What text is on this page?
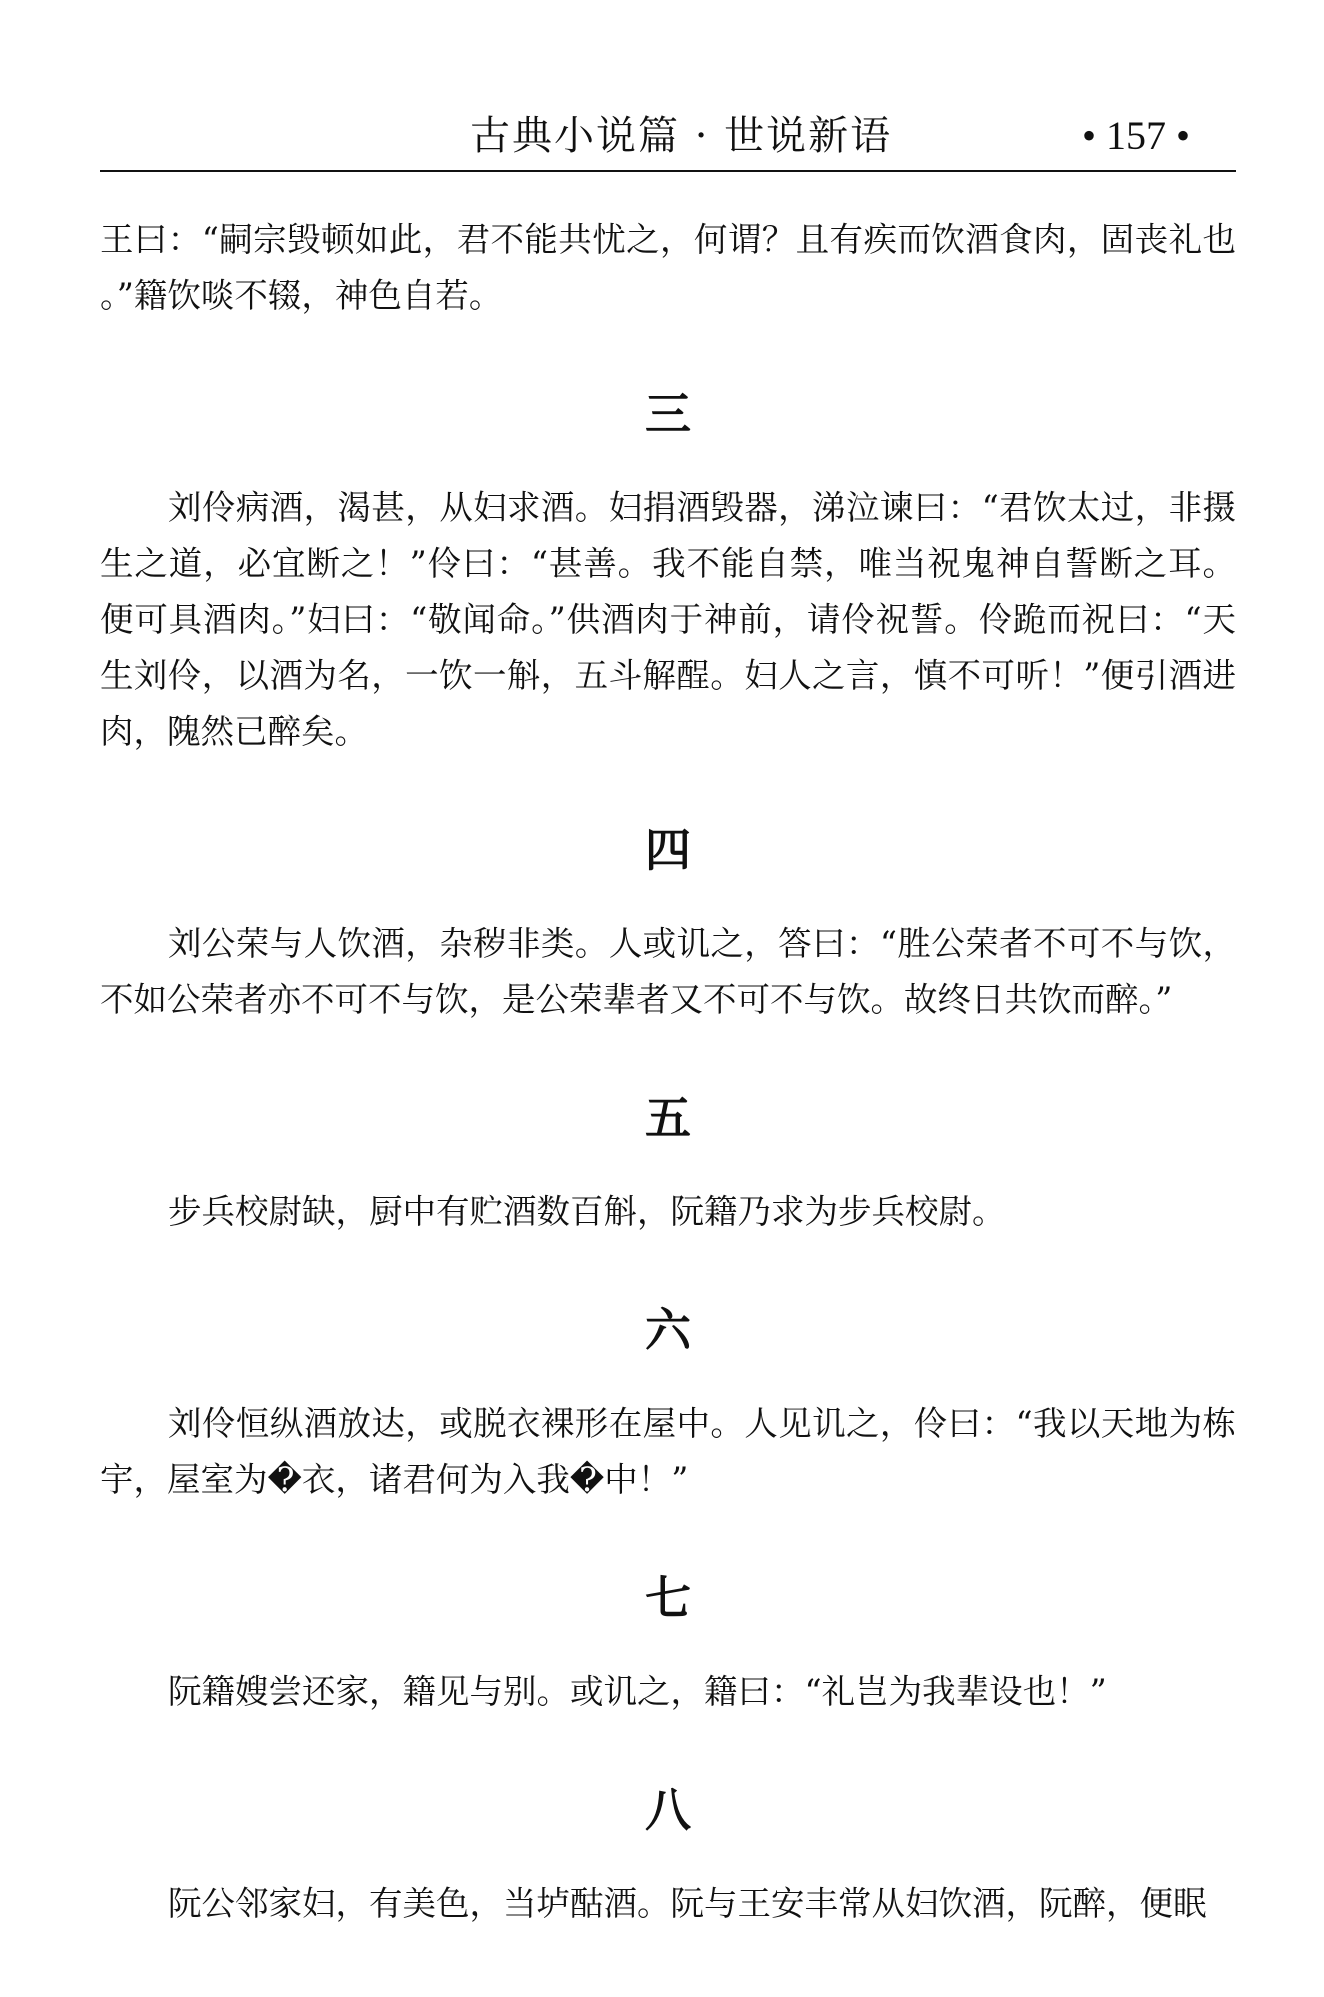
古典小说篇 · 世说新语	• 157 •

王曰：“嗣宗毁顿如此，君不能共忧之，何谓？且有疾而饮酒食肉，固丧礼也。”籍饮啖不辍，神色自若。

三

刘伶病酒，渴甚，从妇求酒。妇捐酒毁器，涕泣谏曰：“君饮太过，非摄生之道，必宜断之！”伶曰：“甚善。我不能自禁，唯当祝鬼神自誓断之耳。便可具酒肉。”妇曰：“敬闻命。”供酒肉于神前，请伶祝誓。伶跪而祝曰：“天生刘伶，以酒为名，一饮一斛，五斗解酲。妇人之言，慎不可听！”便引酒进肉，隗然已醉矣。

四

刘公荣与人饮酒，杂秽非类。人或讥之，答曰：“胜公荣者不可不与饮，不如公荣者亦不可不与饮，是公荣辈者又不可不与饮。故终日共饮而醉。”

五

步兵校尉缺，厨中有贮酒数百斛，阮籍乃求为步兵校尉。

六

刘伶恒纵酒放达，或脱衣裸形在屋中。人见讥之，伶曰：“我以天地为栋宇，屋室为�衣，诸君何为入我�中！”

七

阮籍嫂尝还家，籍见与别。或讥之，籍曰：“礼岂为我辈设也！”

八

阮公邻家妇，有美色，当垆酤酒。阮与王安丰常从妇饮酒，阮醉，便眠
